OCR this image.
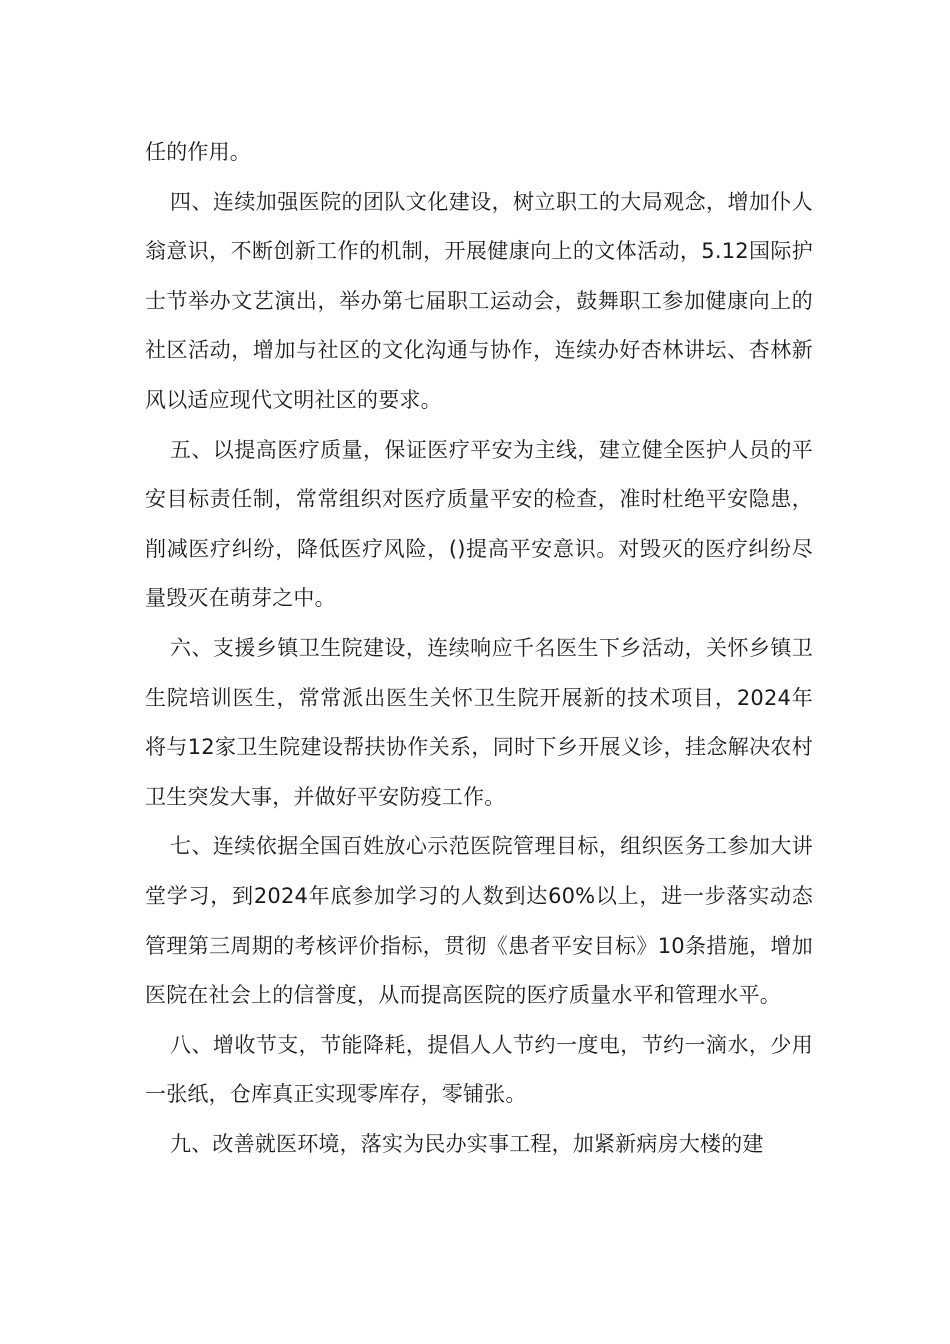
任的作用。

四、连续加强医院的团队文化建设，树立职工的大局观念，增加仆人翁意识，不断创新工作的机制，开展健康向上的文体活动，5.12国际护士节举办文艺演出，举办第七届职工运动会，鼓舞职工参加健康向上的社区活动，增加与社区的文化沟通与协作，连续办好杏林讲坛、杏林新风以适应现代文明社区的要求。

五、以提高医疗质量，保证医疗平安为主线，建立健全医护人员的平安目标责任制，常常组织对医疗质量平安的检查，准时杜绝平安隐患，削减医疗纠纷，降低医疗风险，()提高平安意识。对毁灭的医疗纠纷尽量毁灭在萌芽之中。

六、支援乡镇卫生院建设，连续响应千名医生下乡活动，关怀乡镇卫生院培训医生，常常派出医生关怀卫生院开展新的技术项目，2024年将与12家卫生院建设帮扶协作关系，同时下乡开展义诊，挂念解决农村卫生突发大事，并做好平安防疫工作。

七、连续依据全国百姓放心示范医院管理目标，组织医务工参加大讲堂学习，到2024年底参加学习的人数到达60%以上，进一步落实动态管理第三周期的考核评价指标，贯彻《患者平安目标》10条措施，增加医院在社会上的信誉度，从而提高医院的医疗质量水平和管理水平。

八、增收节支，节能降耗，提倡人人节约一度电，节约一滴水，少用一张纸，仓库真正实现零库存，零铺张。

九、改善就医环境，落实为民办实事工程，加紧新病房大楼的建
